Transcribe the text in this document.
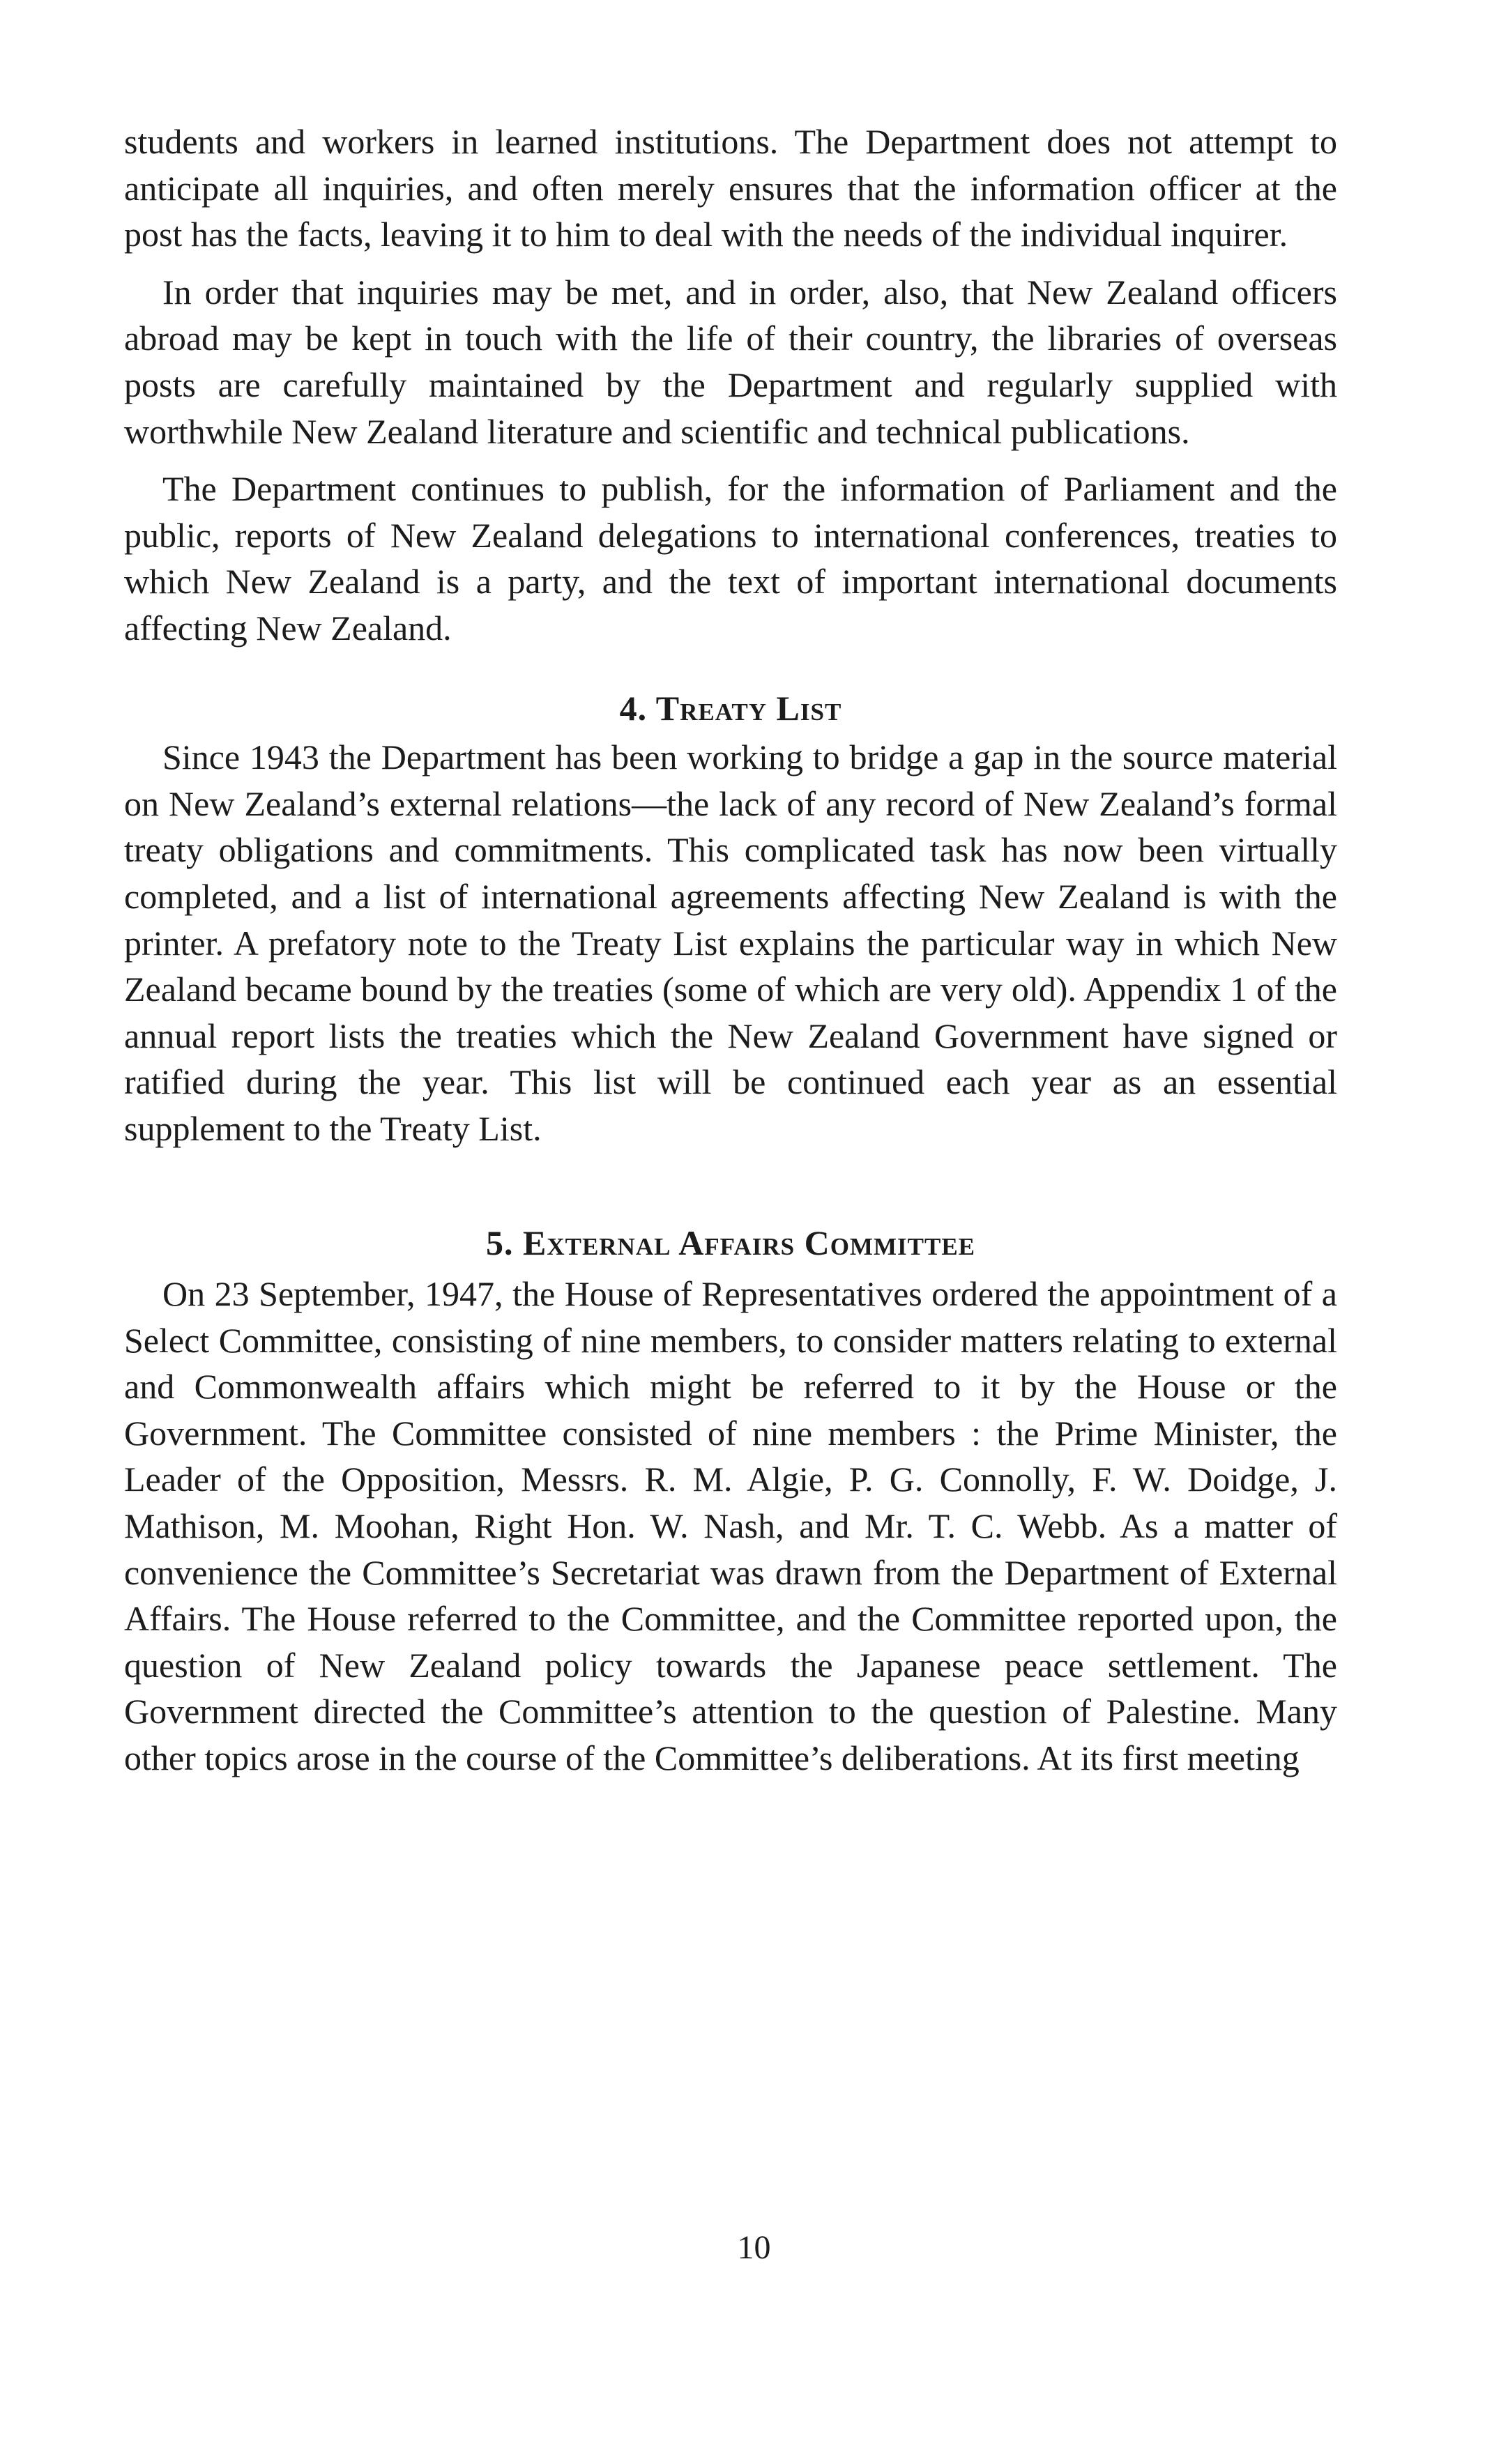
students and workers in learned institutions. The Department does not attempt to anticipate all inquiries, and often merely ensures that the information officer at the post has the facts, leaving it to him to deal with the needs of the individual inquirer.

In order that inquiries may be met, and in order, also, that New Zealand officers abroad may be kept in touch with the life of their country, the libraries of overseas posts are carefully maintained by the Department and regularly supplied with worthwhile New Zealand literature and scientific and technical publications.

The Department continues to publish, for the information of Parliament and the public, reports of New Zealand delegations to international conferences, treaties to which New Zealand is a party, and the text of important international documents affecting New Zealand.

4. Treaty List

Since 1943 the Department has been working to bridge a gap in the source material on New Zealand’s external relations—the lack of any record of New Zealand’s formal treaty obligations and commitments. This complicated task has now been virtually completed, and a list of international agreements affecting New Zealand is with the printer. A prefatory note to the Treaty List explains the particular way in which New Zealand became bound by the treaties (some of which are very old). Appendix 1 of the annual report lists the treaties which the New Zealand Government have signed or ratified during the year. This list will be continued each year as an essential supplement to the Treaty List.

5. External Affairs Committee

On 23 September, 1947, the House of Representatives ordered the appointment of a Select Committee, consisting of nine members, to consider matters relating to external and Commonwealth affairs which might be referred to it by the House or the Government. The Committee consisted of nine members : the Prime Minister, the Leader of the Opposition, Messrs. R. M. Algie, P. G. Connolly, F. W. Doidge, J. Mathison, M. Moohan, Right Hon. W. Nash, and Mr. T. C. Webb. As a matter of convenience the Committee’s Secretariat was drawn from the Department of External Affairs. The House referred to the Committee, and the Committee reported upon, the question of New Zealand policy towards the Japanese peace settlement. The Government directed the Committee’s attention to the question of Palestine. Many other topics arose in the course of the Committee’s deliberations. At its first meeting

10
